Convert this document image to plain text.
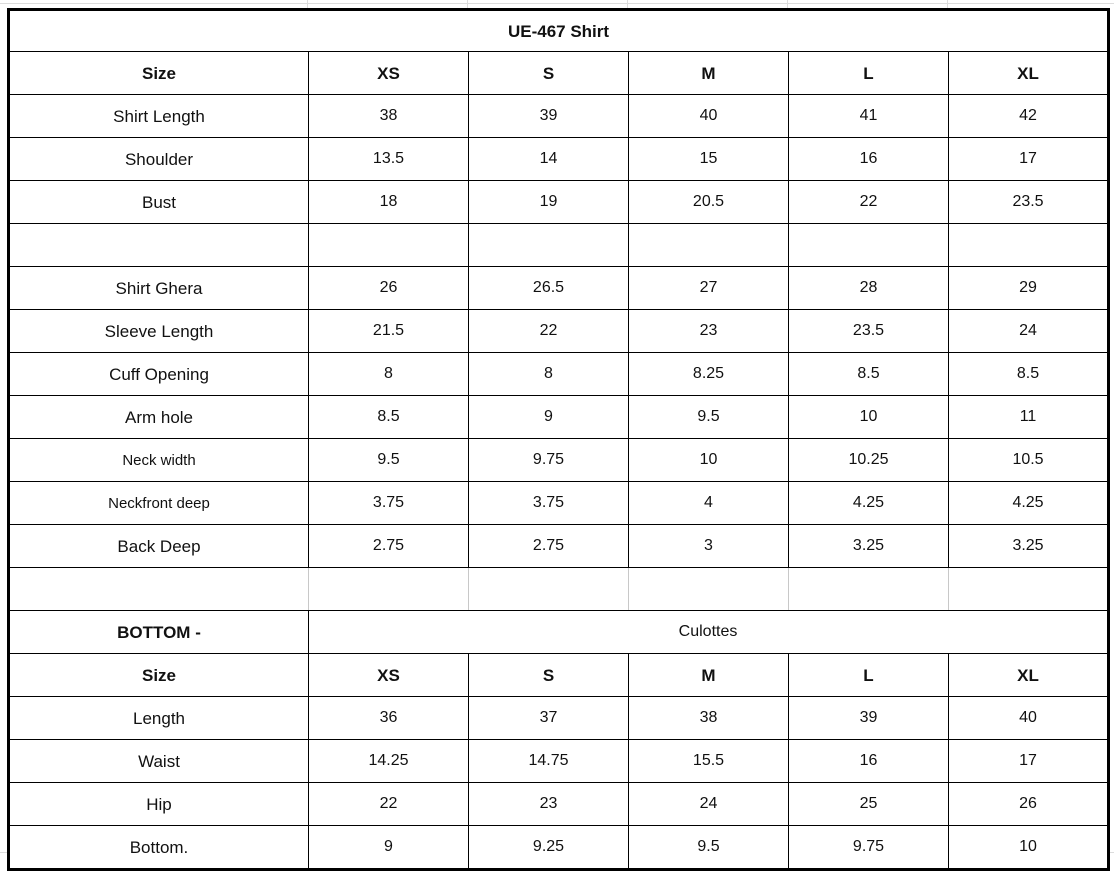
UE-467 Shirt					
Size	XS	S	M	L	XL
Shirt Length	38	39	40	41	42
Shoulder	13.5	14	15	16	17
Bust	18	19	20.5	22	23.5

Shirt Ghera	26	26.5	27	28	29
Sleeve Length	21.5	22	23	23.5	24
Cuff Opening	8	8	8.25	8.5	8.5
Arm hole	8.5	9	9.5	10	11
Neck width	9.5	9.75	10	10.25	10.5
Neckfront deep	3.75	3.75	4	4.25	4.25
Back Deep	2.75	2.75	3	3.25	3.25

BOTTOM -	Culottes				
Size	XS	S	M	L	XL
Length	36	37	38	39	40
Waist	14.25	14.75	15.5	16	17
Hip	22	23	24	25	26
Bottom.	9	9.25	9.5	9.75	10
